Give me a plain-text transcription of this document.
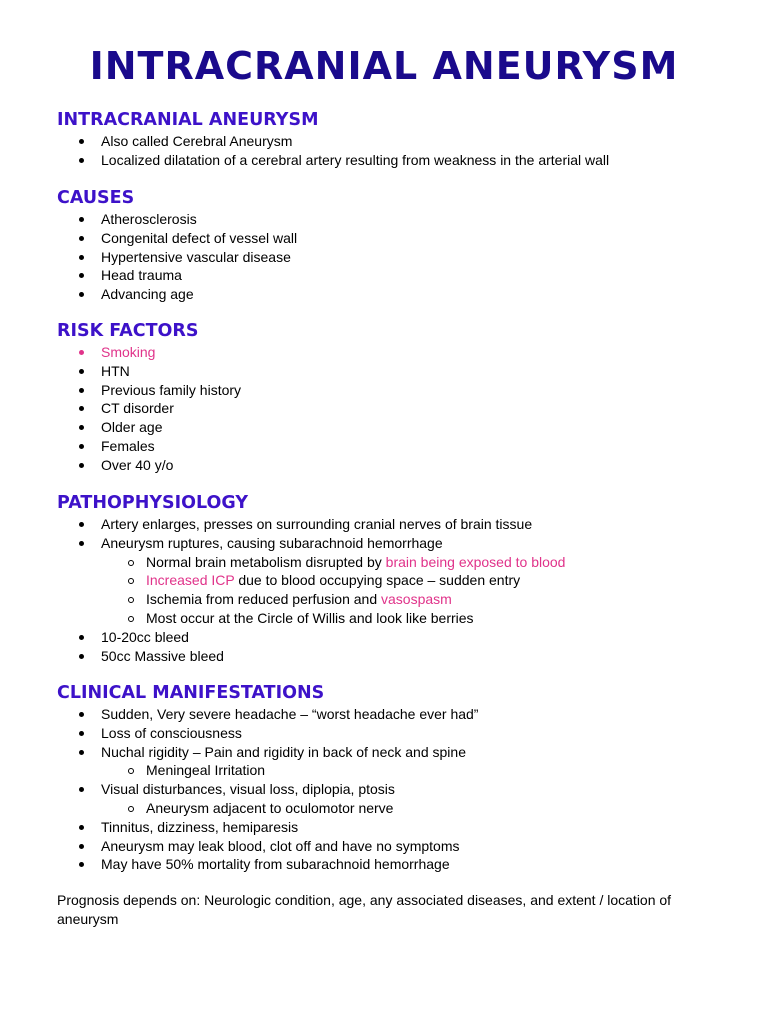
INTRACRANIAL ANEURYSM
INTRACRANIAL ANEURYSM
Also called Cerebral Aneurysm
Localized dilatation of a cerebral artery resulting from weakness in the arterial wall
CAUSES
Atherosclerosis
Congenital defect of vessel wall
Hypertensive vascular disease
Head trauma
Advancing age
RISK FACTORS
Smoking
HTN
Previous family history
CT disorder
Older age
Females
Over 40 y/o
PATHOPHYSIOLOGY
Artery enlarges, presses on surrounding cranial nerves of brain tissue
Aneurysm ruptures, causing subarachnoid hemorrhage
Normal brain metabolism disrupted by brain being exposed to blood
Increased ICP due to blood occupying space – sudden entry
Ischemia from reduced perfusion and vasospasm
Most occur at the Circle of Willis and look like berries
10-20cc bleed
50cc Massive bleed
CLINICAL MANIFESTATIONS
Sudden, Very severe headache – “worst headache ever had”
Loss of consciousness
Nuchal rigidity – Pain and rigidity in back of neck and spine
Meningeal Irritation
Visual disturbances, visual loss, diplopia, ptosis
Aneurysm adjacent to oculomotor nerve
Tinnitus, dizziness, hemiparesis
Aneurysm may leak blood, clot off and have no symptoms
May have 50% mortality from subarachnoid hemorrhage

Prognosis depends on: Neurologic condition, age, any associated diseases, and extent / location of aneurysm
